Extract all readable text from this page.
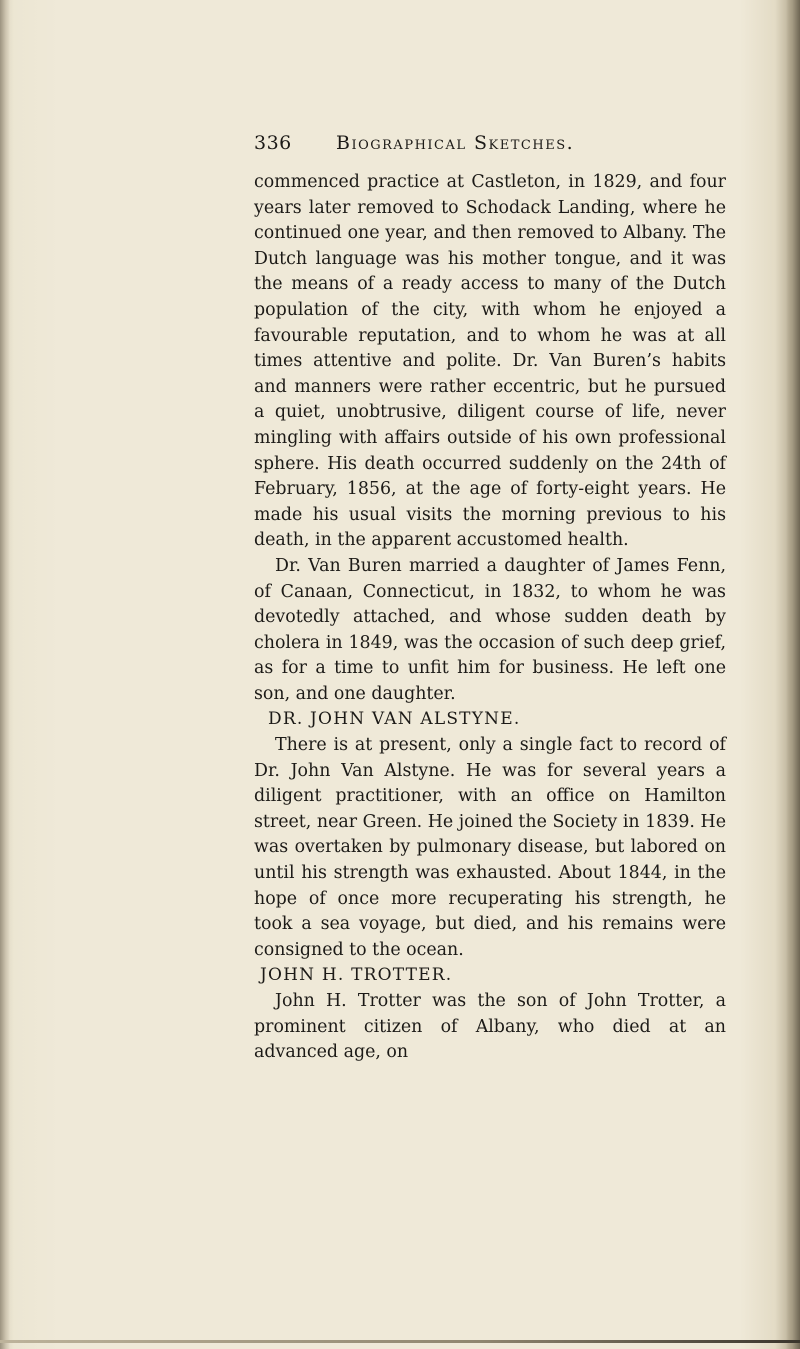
336 Biographical Sketches.

commenced practice at Castleton, in 1829, and four years later removed to Schodack Landing, where he continued one year, and then removed to Albany. The Dutch language was his mother tongue, and it was the means of a ready access to many of the Dutch population of the city, with whom he enjoyed a favourable reputation, and to whom he was at all times attentive and polite. Dr. Van Buren’s habits and manners were rather eccentric, but he pursued a quiet, unobtrusive, diligent course of life, never mingling with affairs outside of his own professional sphere. His death occurred suddenly on the 24th of February, 1856, at the age of forty-eight years. He made his usual visits the morning previous to his death, in the apparent accustomed health.

Dr. Van Buren married a daughter of James Fenn, of Canaan, Connecticut, in 1832, to whom he was devotedly attached, and whose sudden death by cholera in 1849, was the occasion of such deep grief, as for a time to unfit him for business. He left one son, and one daughter.

DR. JOHN VAN ALSTYNE.

There is at present, only a single fact to record of Dr. John Van Alstyne. He was for several years a diligent practitioner, with an office on Hamilton street, near Green. He joined the Society in 1839. He was overtaken by pulmonary disease, but labored on until his strength was exhausted. About 1844, in the hope of once more recuperating his strength, he took a sea voyage, but died, and his remains were consigned to the ocean.

JOHN H. TROTTER.

John H. Trotter was the son of John Trotter, a prominent citizen of Albany, who died at an advanced age, on
